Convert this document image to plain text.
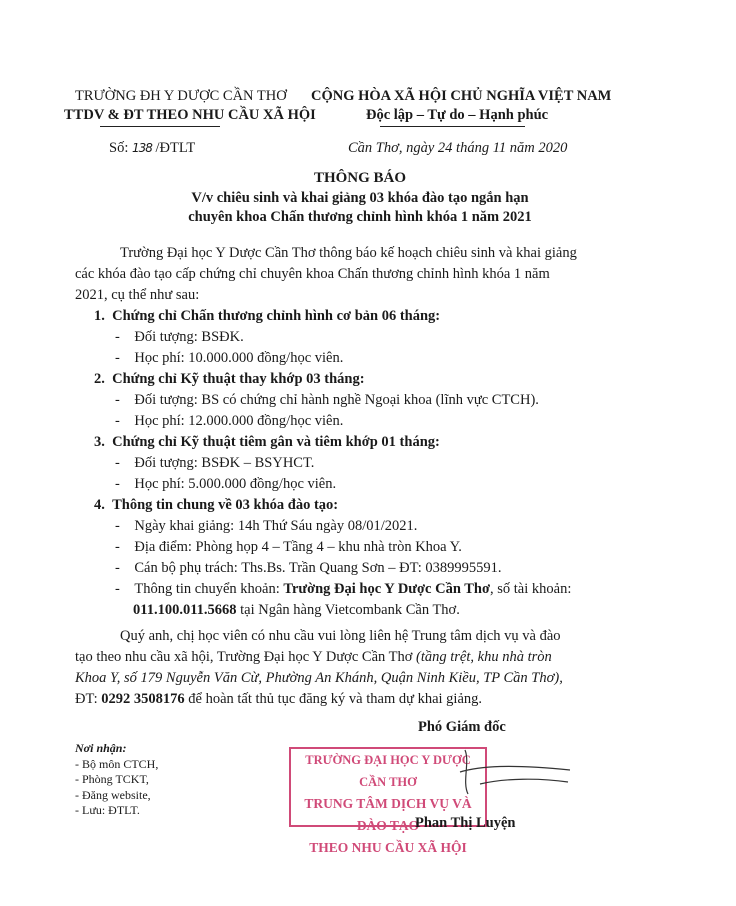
TRƯỜNG ĐH Y DƯỢC CẦN THƠ
TTDV & ĐT THEO NHU CẦU XÃ HỘI
CỘNG HÒA XÃ HỘI CHỦ NGHĨA VIỆT NAM
Độc lập – Tự do – Hạnh phúc
Số: 138 /ĐTLT	Cần Thơ, ngày 24 tháng 11 năm 2020
THÔNG BÁO
V/v chiêu sinh và khai giảng 03 khóa đào tạo ngắn hạn
chuyên khoa Chấn thương chỉnh hình khóa 1 năm 2021
Trường Đại học Y Dược Cần Thơ thông báo kế hoạch chiêu sinh và khai giảng
các khóa đào tạo cấp chứng chỉ chuyên khoa Chấn thương chỉnh hình khóa 1 năm
2021, cụ thể như sau:
1. Chứng chỉ Chấn thương chỉnh hình cơ bản 06 tháng:
-    Đối tượng: BSĐK.
-    Học phí: 10.000.000 đồng/học viên.
2. Chứng chỉ Kỹ thuật thay khớp 03 tháng:
-    Đối tượng: BS có chứng chỉ hành nghề Ngoại khoa (lĩnh vực CTCH).
-    Học phí: 12.000.000 đồng/học viên.
3. Chứng chỉ Kỹ thuật tiêm gân và tiêm khớp 01 tháng:
-    Đối tượng: BSĐK – BSYHCT.
-    Học phí: 5.000.000 đồng/học viên.
4. Thông tin chung về 03 khóa đào tạo:
-    Ngày khai giảng: 14h Thứ Sáu ngày 08/01/2021.
-    Địa điểm: Phòng họp 4 – Tầng 4 – khu nhà tròn Khoa Y.
-    Cán bộ phụ trách: Ths.Bs. Trần Quang Sơn – ĐT: 0389995591.
-    Thông tin chuyển khoản: Trường Đại học Y Dược Cần Thơ, số tài khoản:
011.100.011.5668 tại Ngân hàng Vietcombank Cần Thơ.
Quý anh, chị học viên có nhu cầu vui lòng liên hệ Trung tâm dịch vụ và đào
tạo theo nhu cầu xã hội, Trường Đại học Y Dược Cần Thơ (tầng trệt, khu nhà tròn
Khoa Y, số 179 Nguyễn Văn Cừ, Phường An Khánh, Quận Ninh Kiều, TP Cần Thơ),
ĐT: 0292 3508176 để hoàn tất thủ tục đăng ký và tham dự khai giảng.
Nơi nhận:
- Bộ môn CTCH,
- Phòng TCKT,
- Đăng website,
- Lưu: ĐTLT.
Phó Giám đốc
TRƯỜNG ĐẠI HỌC Y DƯỢC CẦN THƠ
TRUNG TÂM DỊCH VỤ VÀ ĐÀO TẠO
THEO NHU CẦU XÃ HỘI
Phan Thị Luyện
